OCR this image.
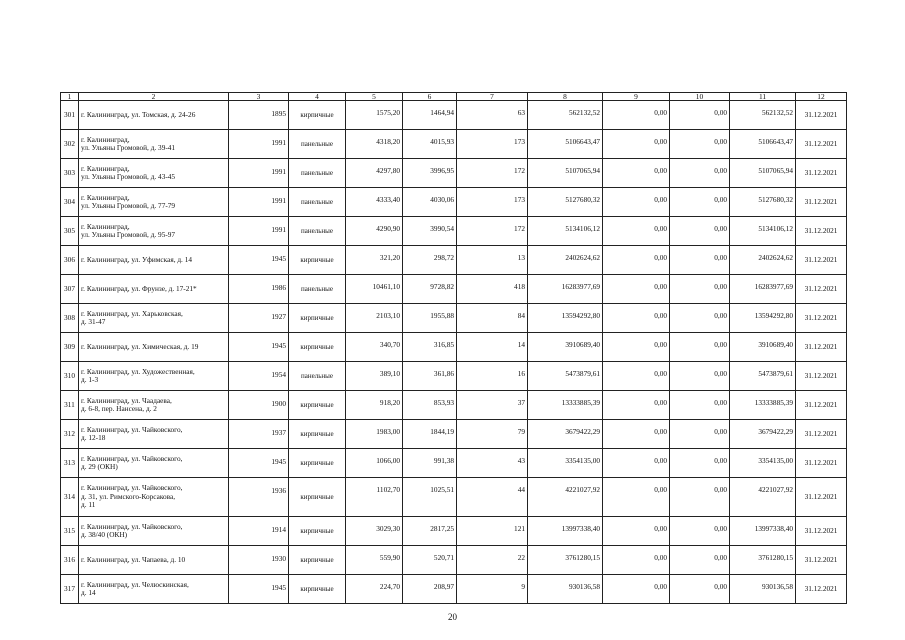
1	2	3	4	5	6	7	8	9	10	11	12
301	г. Калининград, ул. Томская, д. 24-26	1895	кирпичные	1575,20	1464,94	63	562132,52	0,00	0,00	562132,52	31.12.2021
302	г. Калининград,
ул. Ульяны Громовой, д. 39-41	1991	панельные	4318,20	4015,93	173	5106643,47	0,00	0,00	5106643,47	31.12.2021
303	г. Калининград,
ул. Ульяны Громовой, д. 43-45	1991	панельные	4297,80	3996,95	172	5107065,94	0,00	0,00	5107065,94	31.12.2021
304	г. Калининград,
ул. Ульяны Громовой, д. 77-79	1991	панельные	4333,40	4030,06	173	5127680,32	0,00	0,00	5127680,32	31.12.2021
305	г. Калининград,
ул. Ульяны Громовой, д. 95-97	1991	панельные	4290,90	3990,54	172	5134106,12	0,00	0,00	5134106,12	31.12.2021
306	г. Калининград, ул. Уфимская, д. 14	1945	кирпичные	321,20	298,72	13	2402624,62	0,00	0,00	2402624,62	31.12.2021
307	г. Калининград, ул. Фрунзе, д. 17-21*	1986	панельные	10461,10	9728,82	418	16283977,69	0,00	0,00	16283977,69	31.12.2021
308	г. Калининград, ул. Харьковская,
д. 31-47	1927	кирпичные	2103,10	1955,88	84	13594292,80	0,00	0,00	13594292,80	31.12.2021
309	г. Калининград, ул. Химическая, д. 19	1945	кирпичные	340,70	316,85	14	3910689,40	0,00	0,00	3910689,40	31.12.2021
310	г. Калининград, ул. Художественная,
д. 1-3	1954	панельные	389,10	361,86	16	5473879,61	0,00	0,00	5473879,61	31.12.2021
311	г. Калининград, ул. Чаадаева,
д. 6-8, пер. Нансена, д. 2	1900	кирпичные	918,20	853,93	37	13333885,39	0,00	0,00	13333885,39	31.12.2021
312	г. Калининград, ул. Чайковского,
д. 12-18	1937	кирпичные	1983,00	1844,19	79	3679422,29	0,00	0,00	3679422,29	31.12.2021
313	г. Калининград, ул. Чайковского,
д. 29 (ОКН)	1945	кирпичные	1066,00	991,38	43	3354135,00	0,00	0,00	3354135,00	31.12.2021
314	г. Калининград, ул. Чайковского,
д. 31, ул. Римского-Корсакова,
д. 11	1936	кирпичные	1102,70	1025,51	44	4221027,92	0,00	0,00	4221027,92	31.12.2021
315	г. Калининград, ул. Чайковского,
д. 38/40 (ОКН)	1914	кирпичные	3029,30	2817,25	121	13997338,40	0,00	0,00	13997338,40	31.12.2021
316	г. Калининград, ул. Чапаева, д. 10	1930	кирпичные	559,90	520,71	22	3761280,15	0,00	0,00	3761280,15	31.12.2021
317	г. Калининград, ул. Челюскинская,
д. 14	1945	кирпичные	224,70	208,97	9	930136,58	0,00	0,00	930136,58	31.12.2021
20
